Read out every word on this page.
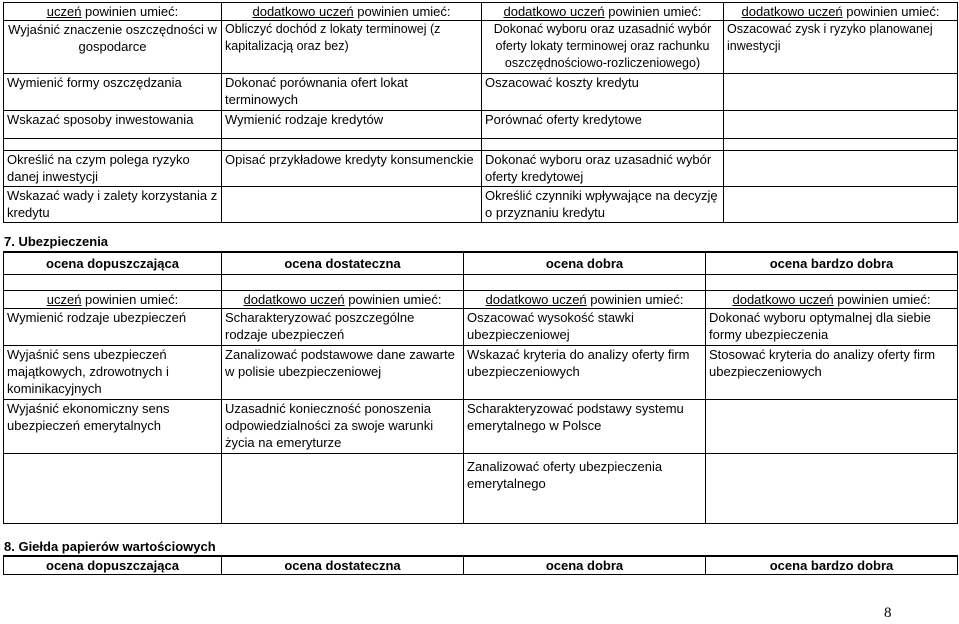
uczeń powinien umieć:	dodatkowo uczeń powinien umieć:	dodatkowo uczeń powinien umieć:	dodatkowo uczeń powinien umieć:
Wyjaśnić znaczenie oszczędności w gospodarce	Obliczyć dochód z lokaty terminowej (z kapitalizacją oraz bez)	Dokonać wyboru oraz uzasadnić wybór oferty lokaty terminowej oraz rachunku oszczędnościowo-rozliczeniowego)	Oszacować zysk i ryzyko planowanej inwestycji
Wymienić formy oszczędzania	Dokonać porównania ofert lokat terminowych	Oszacować koszty kredytu	
Wskazać sposoby inwestowania	Wymienić rodzaje kredytów	Porównać oferty kredytowe	

Określić na czym polega ryzyko danej inwestycji	Opisać przykładowe kredyty konsumenckie	Dokonać wyboru oraz uzasadnić wybór oferty kredytowej	
Wskazać wady i zalety korzystania z kredytu		Określić czynniki wpływające na decyzję o przyznaniu kredytu	
7. Ubezpieczenia
ocena dopuszczająca	ocena dostateczna	ocena dobra	ocena bardzo dobra

uczeń powinien umieć:	dodatkowo uczeń powinien umieć:	dodatkowo uczeń powinien umieć:	dodatkowo uczeń powinien umieć:
Wymienić rodzaje ubezpieczeń	Scharakteryzować poszczególne rodzaje ubezpieczeń	Oszacować wysokość stawki ubezpieczeniowej	Dokonać wyboru optymalnej dla siebie formy ubezpieczenia
Wyjaśnić sens ubezpieczeń majątkowych, zdrowotnych i kominikacyjnych	Zanalizować podstawowe dane zawarte w polisie ubezpieczeniowej	Wskazać kryteria do analizy oferty firm ubezpieczeniowych	Stosować kryteria do analizy oferty firm ubezpieczeniowych
Wyjaśnić ekonomiczny sens ubezpieczeń emerytalnych	Uzasadnić konieczność ponoszenia odpowiedzialności za swoje warunki życia na emeryturze	Scharakteryzować podstawy systemu emerytalnego w Polsce	
		Zanalizować oferty ubezpieczenia emerytalnego	
8. Giełda papierów wartościowych
ocena dopuszczająca	ocena dostateczna	ocena dobra	ocena bardzo dobra
8
